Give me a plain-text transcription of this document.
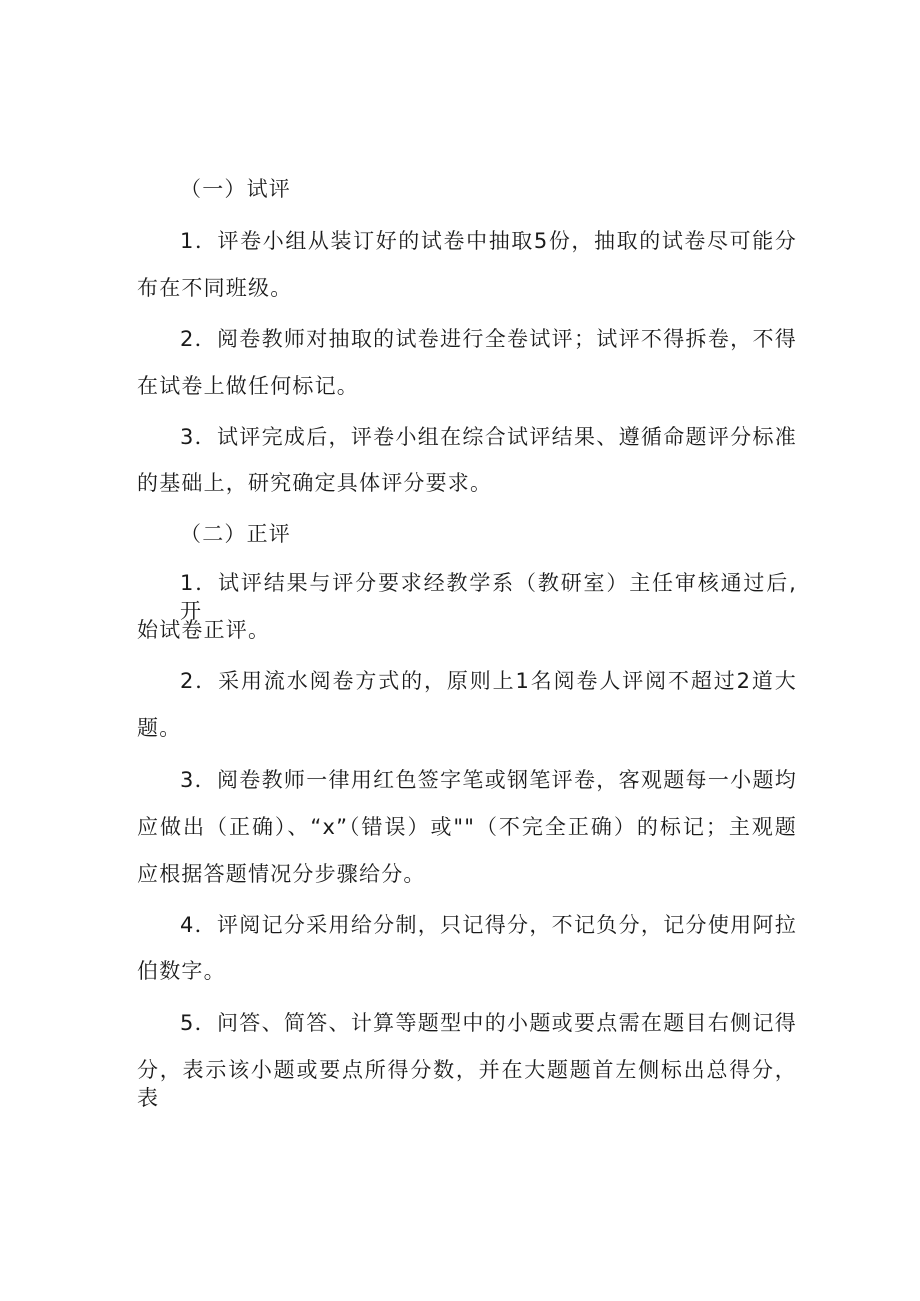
（一）试评
1．评卷小组从装订好的试卷中抽取5份，抽取的试卷尽可能分
布在不同班级。
2．阅卷教师对抽取的试卷进行全卷试评；试评不得拆卷，不得
在试卷上做任何标记。
3．试评完成后，评卷小组在综合试评结果、遵循命题评分标准
的基础上，研究确定具体评分要求。
（二）正评
1．试评结果与评分要求经教学系（教研室）主任审核通过后,开
始试卷正评。
2．采用流水阅卷方式的，原则上1名阅卷人评阅不超过2道大
题。
3．阅卷教师一律用红色签字笔或钢笔评卷，客观题每一小题均
应做出（正确）、“x”（错误）或""（不完全正确）的标记；主观题
应根据答题情况分步骤给分。
4．评阅记分采用给分制，只记得分，不记负分，记分使用阿拉
伯数字。
5．问答、简答、计算等题型中的小题或要点需在题目右侧记得
分，表示该小题或要点所得分数，并在大题题首左侧标出总得分，表
